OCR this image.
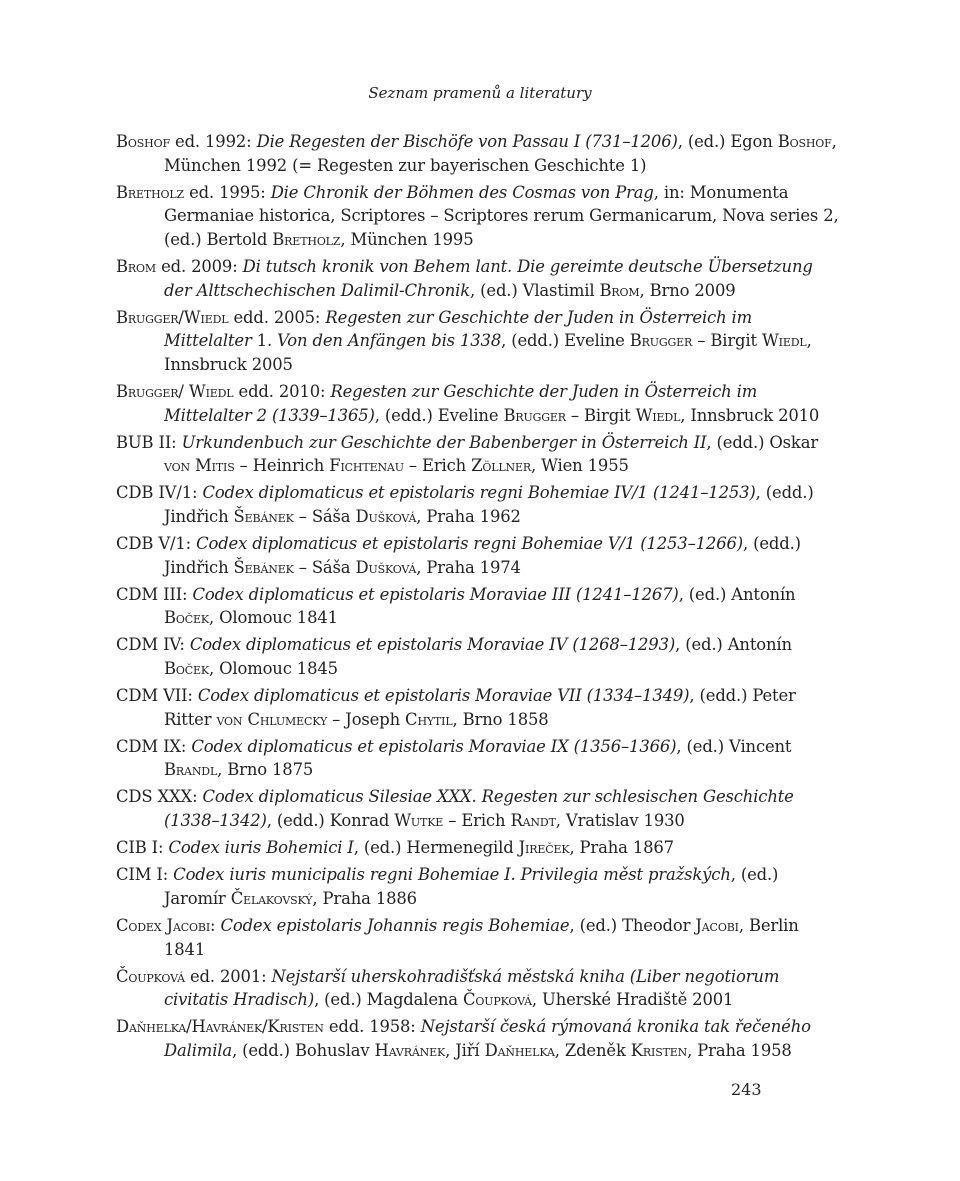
Seznam pramenů a literatury

Boshof ed. 1992: Die Regesten der Bischöfe von Passau I (731–1206), (ed.) Egon Boshof, München 1992 (= Regesten zur bayerischen Geschichte 1)

Bretholz ed. 1995: Die Chronik der Böhmen des Cosmas von Prag, in: Monumenta Germaniae historica, Scriptores – Scriptores rerum Germanicarum, Nova series 2, (ed.) Bertold Bretholz, München 1995

Brom ed. 2009: Di tutsch kronik von Behem lant. Die gereimte deutsche Übersetzung der Alttschechischen Dalimil-Chronik, (ed.) Vlastimil Brom, Brno 2009

Brugger/Wiedl edd. 2005: Regesten zur Geschichte der Juden in Österreich im Mittelalter 1. Von den Anfängen bis 1338, (edd.) Eveline Brugger – Birgit Wiedl, Innsbruck 2005

Brugger/ Wiedl edd. 2010: Regesten zur Geschichte der Juden in Österreich im Mittelalter 2 (1339–1365), (edd.) Eveline Brugger – Birgit Wiedl, Innsbruck 2010

BUB II: Urkundenbuch zur Geschichte der Babenberger in Österreich II, (edd.) Oskar von Mitis – Heinrich Fichtenau – Erich Zöllner, Wien 1955

CDB IV/1: Codex diplomaticus et epistolaris regni Bohemiae IV/1 (1241–1253), (edd.) Jindřich Šebánek – Sáša Dušková, Praha 1962

CDB V/1: Codex diplomaticus et epistolaris regni Bohemiae V/1 (1253–1266), (edd.) Jindřich Šebánek – Sáša Dušková, Praha 1974

CDM III: Codex diplomaticus et epistolaris Moraviae III (1241–1267), (ed.) Antonín Boček, Olomouc 1841

CDM IV: Codex diplomaticus et epistolaris Moraviae IV (1268–1293), (ed.) Antonín Boček, Olomouc 1845

CDM VII: Codex diplomaticus et epistolaris Moraviae VII (1334–1349), (edd.) Peter Ritter von Chlumecky – Joseph Chytil, Brno 1858

CDM IX: Codex diplomaticus et epistolaris Moraviae IX (1356–1366), (ed.) Vincent Brandl, Brno 1875

CDS XXX: Codex diplomaticus Silesiae XXX. Regesten zur schlesischen Geschichte (1338–1342), (edd.) Konrad Wutke – Erich Randt, Vratislav 1930

CIB I: Codex iuris Bohemici I, (ed.) Hermenegild Jireček, Praha 1867

CIM I: Codex iuris municipalis regni Bohemiae I. Privilegia měst pražských, (ed.) Jaromír Čelakovský, Praha 1886

Codex Jacobi: Codex epistolaris Johannis regis Bohemiae, (ed.) Theodor Jacobi, Berlin 1841

Čoupková ed. 2001: Nejstarší uherskohradišťská městská kniha (Liber negotiorum civitatis Hradisch), (ed.) Magdalena Čoupková, Uherské Hradiště 2001

Daňhelka/Havránek/Kristen edd. 1958: Nejstarší česká rýmovaná kronika tak řečeného Dalimila, (edd.) Bohuslav Havránek, Jiří Daňhelka, Zdeněk Kristen, Praha 1958

243
